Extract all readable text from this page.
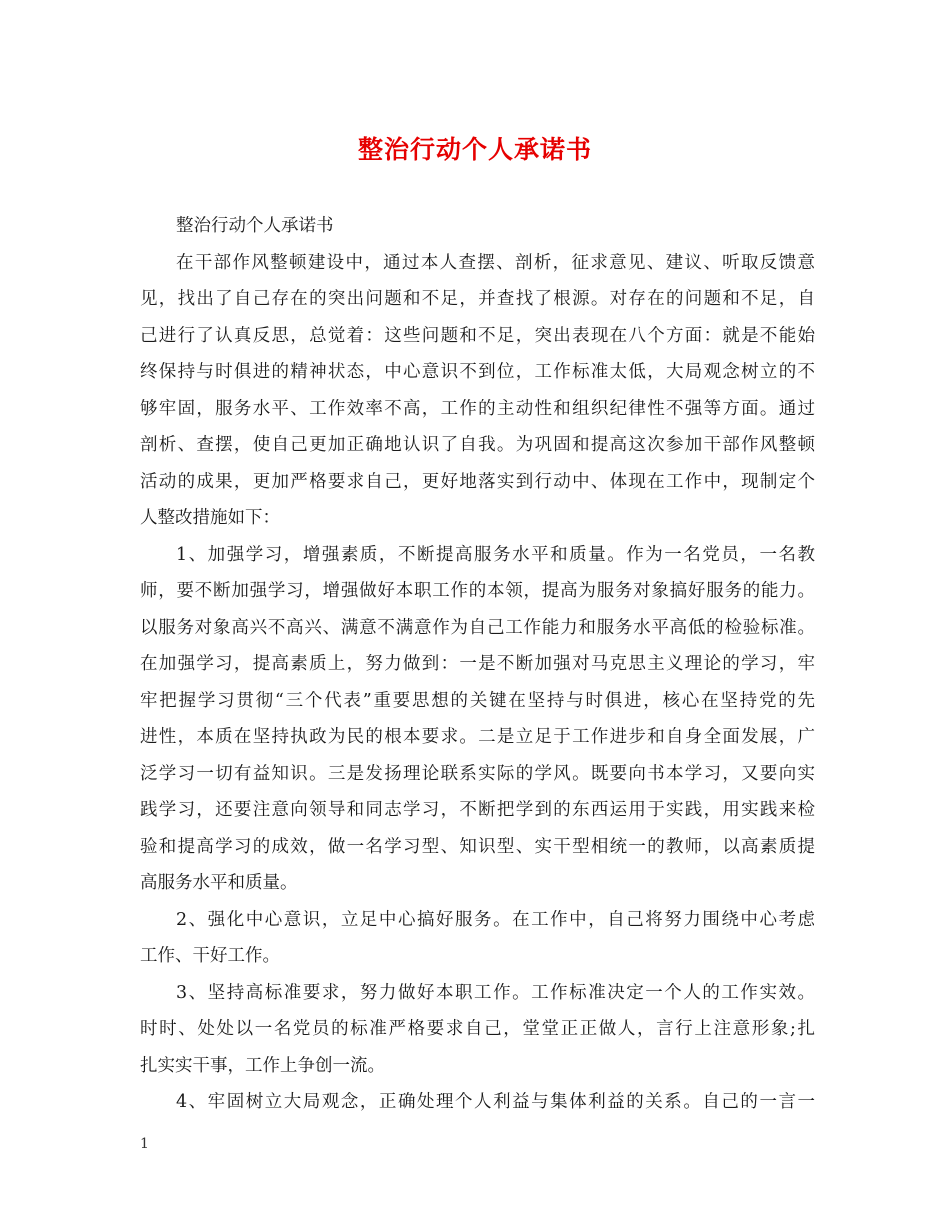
整治行动个人承诺书
整治行动个人承诺书
在干部作风整顿建设中，通过本人查摆、剖析，征求意见、建议、听取反馈意
见，找出了自己存在的突出问题和不足，并查找了根源。对存在的问题和不足，自
己进行了认真反思，总觉着：这些问题和不足，突出表现在八个方面：就是不能始
终保持与时俱进的精神状态，中心意识不到位，工作标准太低，大局观念树立的不
够牢固，服务水平、工作效率不高，工作的主动性和组织纪律性不强等方面。通过
剖析、查摆，使自己更加正确地认识了自我。为巩固和提高这次参加干部作风整顿
活动的成果，更加严格要求自己，更好地落实到行动中、体现在工作中，现制定个
人整改措施如下：
1、加强学习，增强素质，不断提高服务水平和质量。作为一名党员，一名教
师，要不断加强学习，增强做好本职工作的本领，提高为服务对象搞好服务的能力。
以服务对象高兴不高兴、满意不满意作为自己工作能力和服务水平高低的检验标准。
在加强学习，提高素质上，努力做到：一是不断加强对马克思主义理论的学习，牢
牢把握学习贯彻“三个代表”重要思想的关键在坚持与时俱进，核心在坚持党的先
进性，本质在坚持执政为民的根本要求。二是立足于工作进步和自身全面发展，广
泛学习一切有益知识。三是发扬理论联系实际的学风。既要向书本学习，又要向实
践学习，还要注意向领导和同志学习，不断把学到的东西运用于实践，用实践来检
验和提高学习的成效，做一名学习型、知识型、实干型相统一的教师，以高素质提
高服务水平和质量。
2、强化中心意识，立足中心搞好服务。在工作中，自己将努力围绕中心考虑
工作、干好工作。
3、坚持高标准要求，努力做好本职工作。工作标准决定一个人的工作实效。
时时、处处以一名党员的标准严格要求自己，堂堂正正做人，言行上注意形象;扎
扎实实干事，工作上争创一流。
4、牢固树立大局观念，正确处理个人利益与集体利益的关系。自己的一言一
1
